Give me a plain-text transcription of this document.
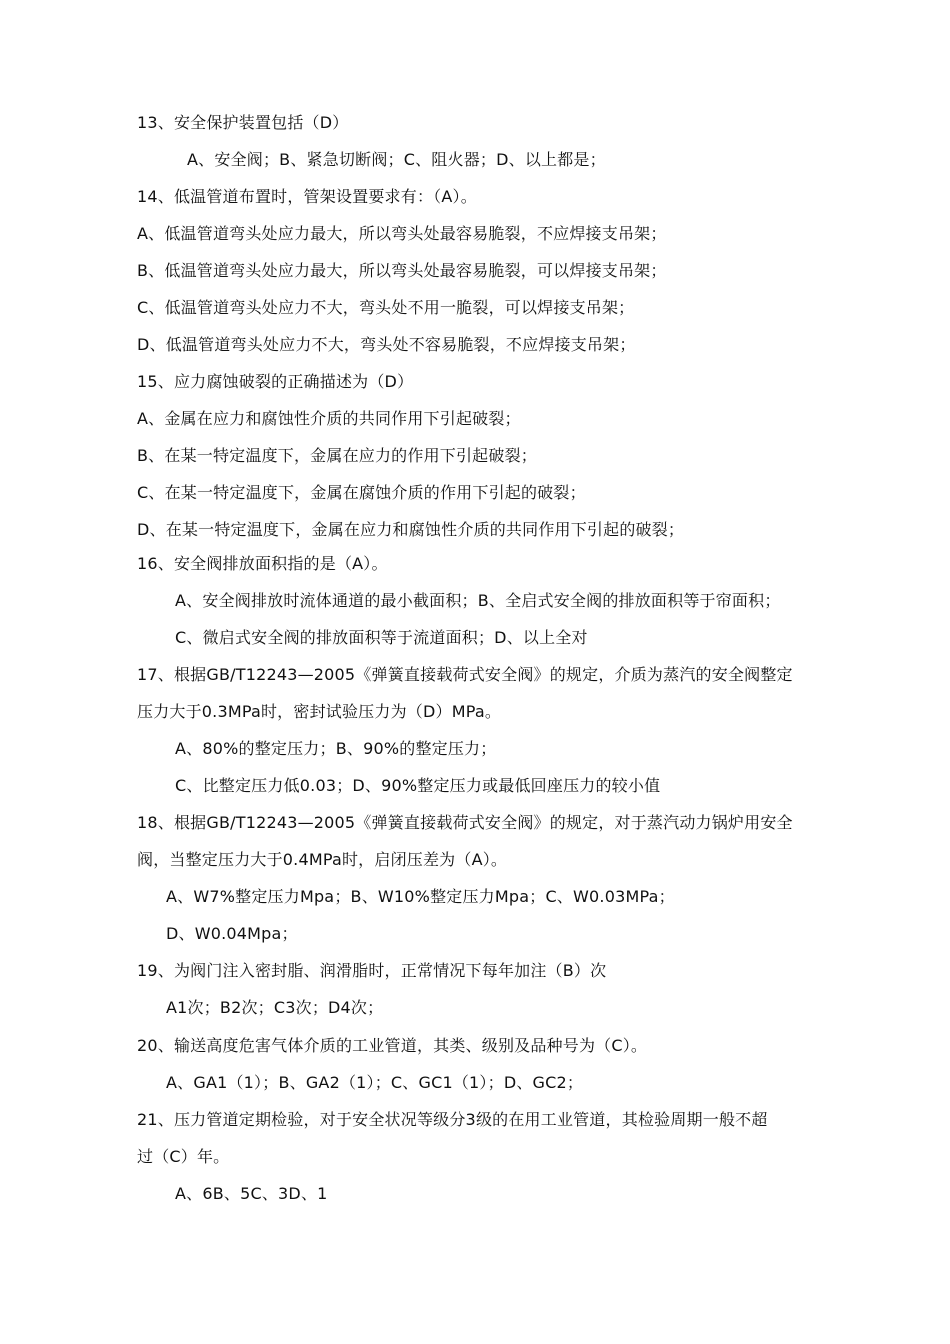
13、安全保护装置包括（D）
A、安全阀；B、紧急切断阀；C、阻火器；D、以上都是；
14、低温管道布置时，管架设置要求有：（A）。
A、低温管道弯头处应力最大，所以弯头处最容易脆裂，不应焊接支吊架；
B、低温管道弯头处应力最大，所以弯头处最容易脆裂，可以焊接支吊架；
C、低温管道弯头处应力不大，弯头处不用一脆裂，可以焊接支吊架；
D、低温管道弯头处应力不大，弯头处不容易脆裂，不应焊接支吊架；
15、应力腐蚀破裂的正确描述为（D）
A、金属在应力和腐蚀性介质的共同作用下引起破裂；
B、在某一特定温度下，金属在应力的作用下引起破裂；
C、在某一特定温度下，金属在腐蚀介质的作用下引起的破裂；
D、在某一特定温度下，金属在应力和腐蚀性介质的共同作用下引起的破裂；
16、安全阀排放面积指的是（A）。
A、安全阀排放时流体通道的最小截面积；B、全启式安全阀的排放面积等于帘面积；
C、微启式安全阀的排放面积等于流道面积；D、以上全对
17、根据GB/T12243—2005《弹簧直接载荷式安全阀》的规定，介质为蒸汽的安全阀整定
压力大于0.3MPa时，密封试验压力为（D）MPa。
A、80%的整定压力；B、90%的整定压力；
C、比整定压力低0.03；D、90%整定压力或最低回座压力的较小值
18、根据GB/T12243—2005《弹簧直接载荷式安全阀》的规定，对于蒸汽动力锅炉用安全
阀，当整定压力大于0.4MPa时，启闭压差为（A）。
A、W7%整定压力Mpa；B、W10%整定压力Mpa；C、W0.03MPa；
D、W0.04Mpa；
19、为阀门注入密封脂、润滑脂时，正常情况下每年加注（B）次
A1次；B2次；C3次；D4次；
20、输送高度危害气体介质的工业管道，其类、级别及品种号为（C）。
A、GA1（1）；B、GA2（1）；C、GC1（1）；D、GC2；
21、压力管道定期检验，对于安全状况等级分3级的在用工业管道，其检验周期一般不超
过（C）年。
A、6B、5C、3D、1
